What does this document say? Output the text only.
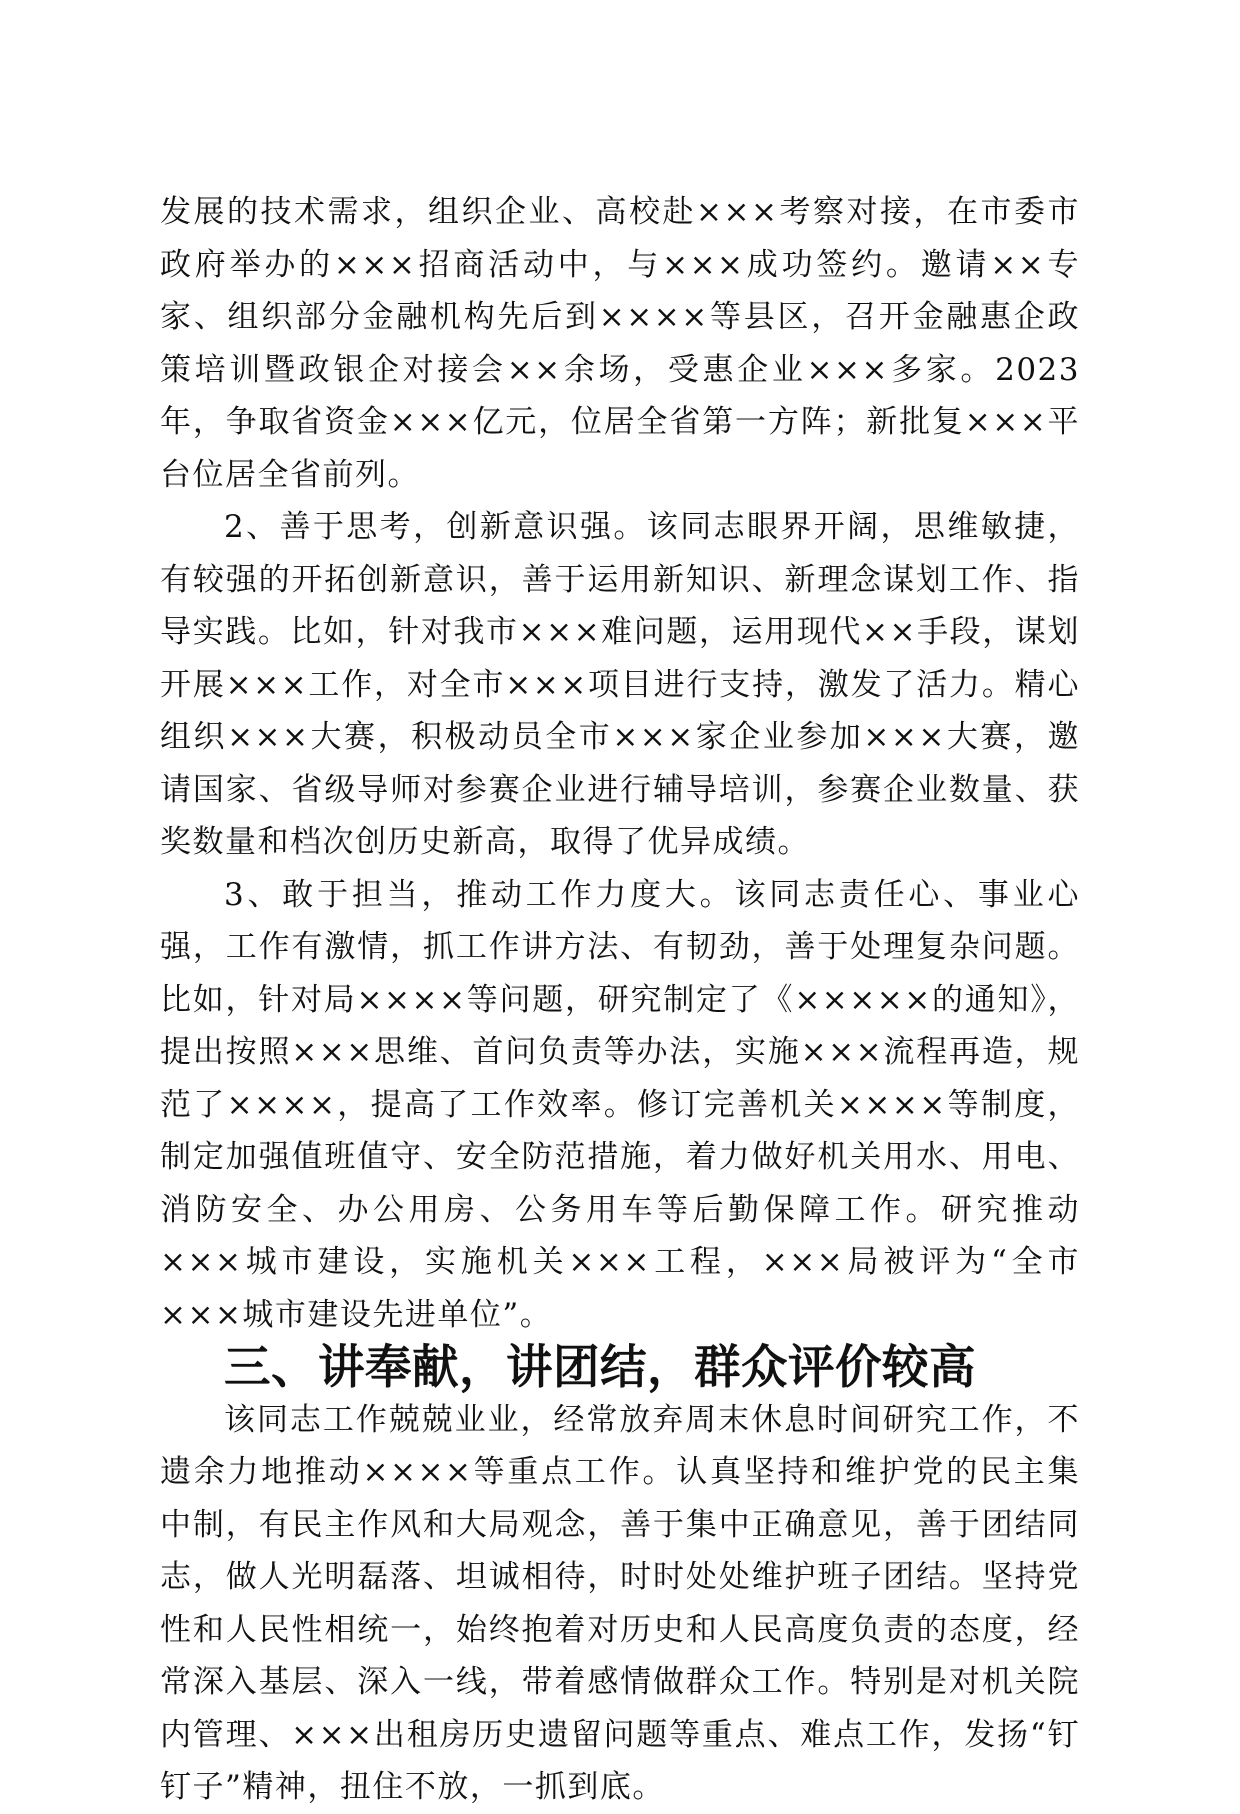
发展的技术需求，组织企业、高校赴×××考察对接，在市委市政府举办的×××招商活动中，与×××成功签约。邀请××专家、组织部分金融机构先后到××××等县区，召开金融惠企政策培训暨政银企对接会××余场，受惠企业×××多家。2023年，争取省资金×××亿元，位居全省第一方阵；新批复×××平台位居全省前列。

2、善于思考，创新意识强。该同志眼界开阔，思维敏捷，有较强的开拓创新意识，善于运用新知识、新理念谋划工作、指导实践。比如，针对我市×××难问题，运用现代××手段，谋划开展×××工作，对全市×××项目进行支持，激发了活力。精心组织×××大赛，积极动员全市×××家企业参加×××大赛，邀请国家、省级导师对参赛企业进行辅导培训，参赛企业数量、获奖数量和档次创历史新高，取得了优异成绩。

3、敢于担当，推动工作力度大。该同志责任心、事业心强，工作有激情，抓工作讲方法、有韧劲，善于处理复杂问题。比如，针对局××××等问题，研究制定了《×××××的通知》，提出按照×××思维、首问负责等办法，实施×××流程再造，规范了××××，提高了工作效率。修订完善机关××××等制度，制定加强值班值守、安全防范措施，着力做好机关用水、用电、消防安全、办公用房、公务用车等后勤保障工作。研究推动×××城市建设，实施机关×××工程，×××局被评为“全市×××城市建设先进单位”。

三、讲奉献，讲团结，群众评价较高

该同志工作兢兢业业，经常放弃周末休息时间研究工作，不遗余力地推动××××等重点工作。认真坚持和维护党的民主集中制，有民主作风和大局观念，善于集中正确意见，善于团结同志，做人光明磊落、坦诚相待，时时处处维护班子团结。坚持党性和人民性相统一，始终抱着对历史和人民高度负责的态度，经常深入基层、深入一线，带着感情做群众工作。特别是对机关院内管理、×××出租房历史遗留问题等重点、难点工作，发扬“钉钉子”精神，扭住不放，一抓到底。
